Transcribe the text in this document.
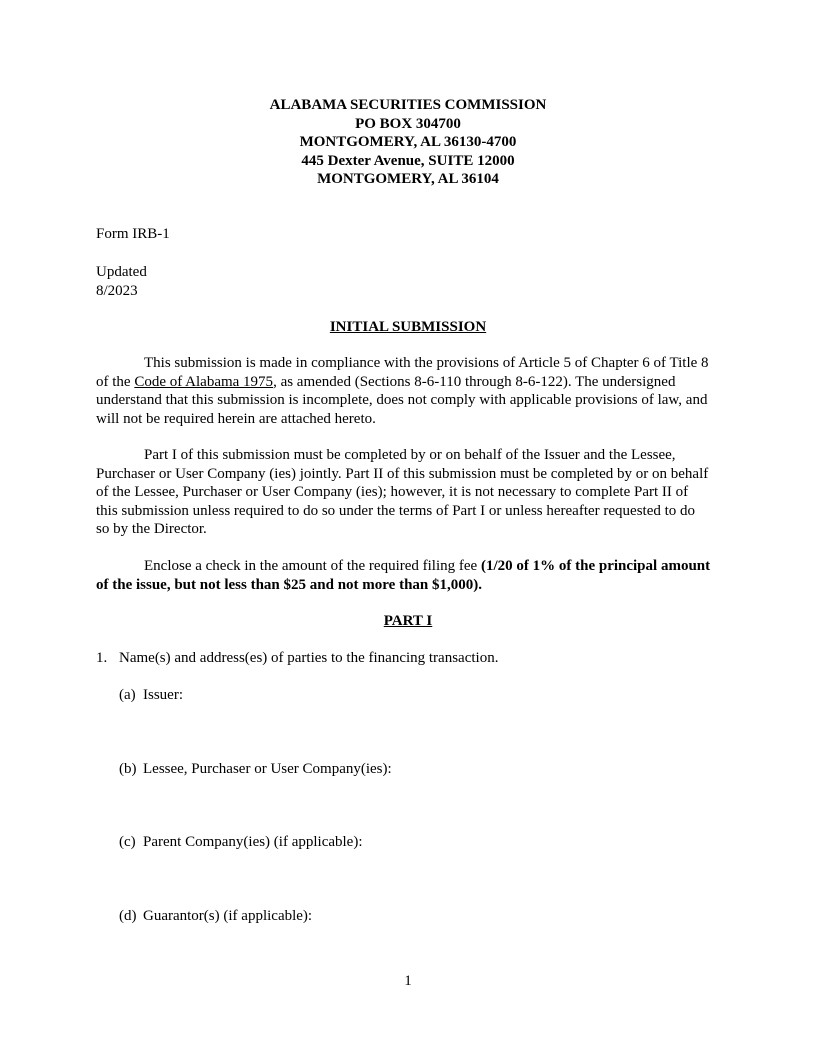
ALABAMA SECURITIES COMMISSION
PO BOX 304700
MONTGOMERY, AL 36130-4700
445 Dexter Avenue, SUITE 12000
MONTGOMERY, AL 36104
Form IRB-1
Updated
8/2023
INITIAL SUBMISSION
This submission is made in compliance with the provisions of Article 5 of Chapter 6 of Title 8 of the Code of Alabama 1975, as amended (Sections 8-6-110 through 8-6-122). The undersigned understand that this submission is incomplete, does not comply with applicable provisions of law, and will not be required herein are attached hereto.
Part I of this submission must be completed by or on behalf of the Issuer and the Lessee, Purchaser or User Company (ies) jointly. Part II of this submission must be completed by or on behalf of the Lessee, Purchaser or User Company (ies); however, it is not necessary to complete Part II of this submission unless required to do so under the terms of Part I or unless hereafter requested to do so by the Director.
Enclose a check in the amount of the required filing fee (1/20 of 1% of the principal amount of the issue, but not less than $25 and not more than $1,000).
PART I
1. Name(s) and address(es) of parties to the financing transaction.
(a) Issuer:
(b) Lessee, Purchaser or User Company(ies):
(c) Parent Company(ies) (if applicable):
(d) Guarantor(s) (if applicable):
1
